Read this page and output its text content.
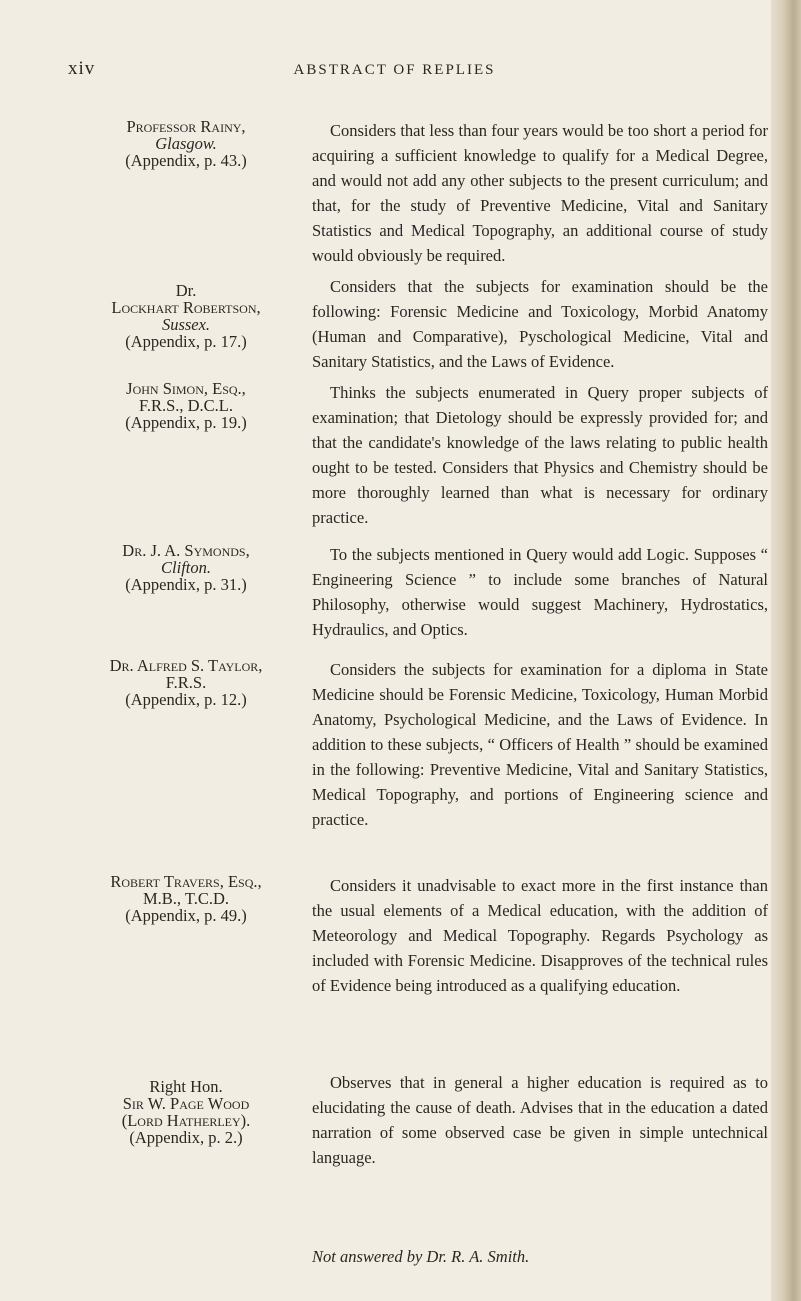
xiv	ABSTRACT OF REPLIES
Professor Rainy,
Glasgow.
(Appendix, p. 43.)
Considers that less than four years would be too short a period for acquiring a sufficient knowledge to qualify for a Medical Degree, and would not add any other subjects to the present curriculum; and that, for the study of Preventive Medicine, Vital and Sanitary Statistics and Medical Topography, an additional course of study would obviously be required.
Dr.
Lockhart Robertson,
Sussex.
(Appendix, p. 17.)
Considers that the subjects for examination should be the following: Forensic Medicine and Toxicology, Morbid Anatomy (Human and Comparative), Pyschological Medicine, Vital and Sanitary Statistics, and the Laws of Evidence.
John Simon, Esq.,
F.R.S., D.C.L.
(Appendix, p. 19.)
Thinks the subjects enumerated in Query proper subjects of examination; that Dietology should be expressly provided for; and that the candidate's knowledge of the laws relating to public health ought to be tested. Considers that Physics and Chemistry should be more thoroughly learned than what is necessary for ordinary practice.
Dr. J. A. Symonds,
Clifton.
(Appendix, p. 31.)
To the subjects mentioned in Query would add Logic. Supposes “ Engineering Science ” to include some branches of Natural Philosophy, otherwise would suggest Machinery, Hydrostatics, Hydraulics, and Optics.
Dr. Alfred S. Taylor,
F.R.S.
(Appendix, p. 12.)
Considers the subjects for examination for a diploma in State Medicine should be Forensic Medicine, Toxicology, Human Morbid Anatomy, Psychological Medicine, and the Laws of Evidence. In addition to these subjects, “ Officers of Health ” should be examined in the following: Preventive Medicine, Vital and Sanitary Statistics, Medical Topography, and portions of Engineering science and practice.
Robert Travers, Esq.,
M.B., T.C.D.
(Appendix, p. 49.)
Considers it unadvisable to exact more in the first instance than the usual elements of a Medical education, with the addition of Meteorology and Medical Topography. Regards Psychology as included with Forensic Medicine. Disapproves of the technical rules of Evidence being introduced as a qualifying education.
Right Hon.
Sir W. Page Wood
(Lord Hatherley).
(Appendix, p. 2.)
Observes that in general a higher education is required as to elucidating the cause of death. Advises that in the education a dated narration of some observed case be given in simple untechnical language.
Not answered by Dr. R. A. Smith.
